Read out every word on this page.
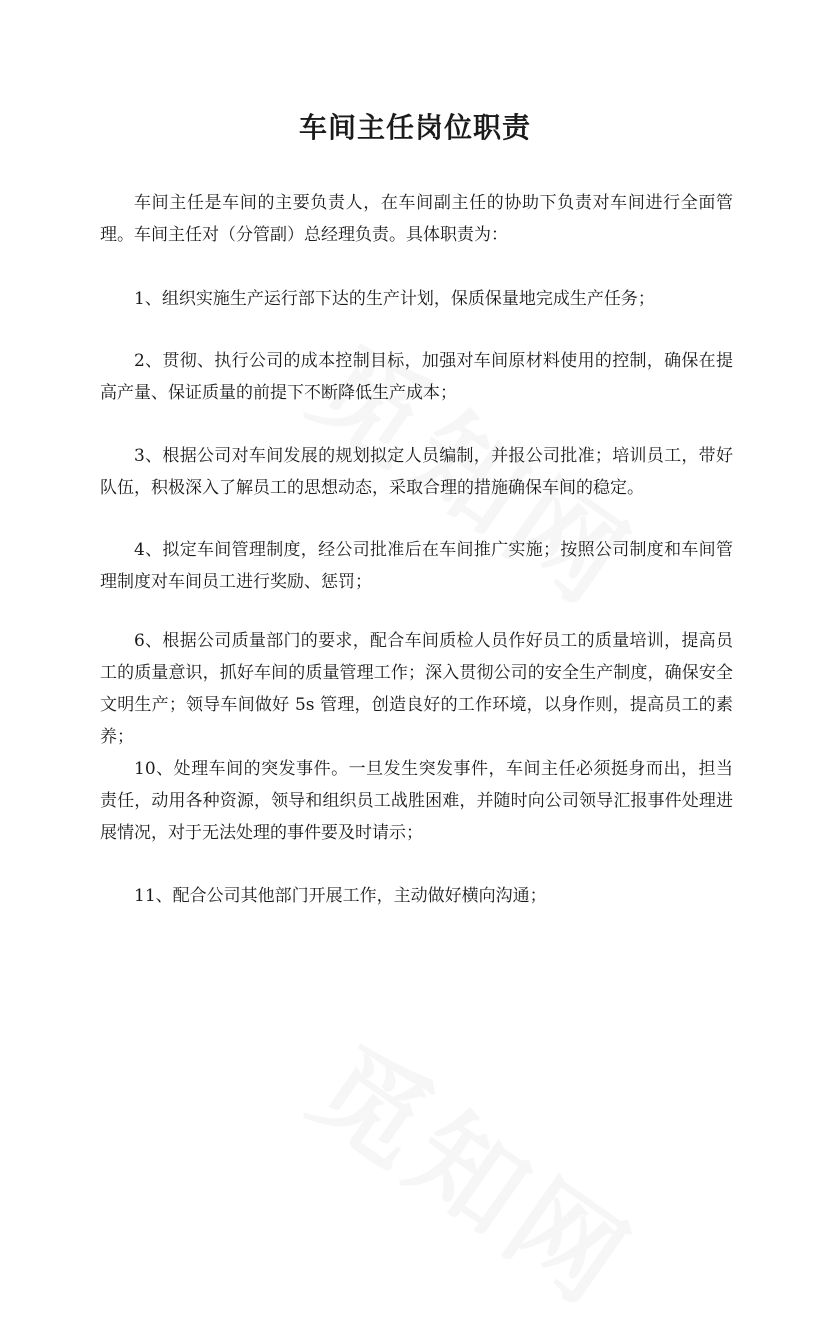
车间主任岗位职责

车间主任是车间的主要负责人，在车间副主任的协助下负责对车间进行全面管理。车间主任对（分管副）总经理负责。具体职责为：

1、组织实施生产运行部下达的生产计划，保质保量地完成生产任务；

2、贯彻、执行公司的成本控制目标，加强对车间原材料使用的控制，确保在提高产量、保证质量的前提下不断降低生产成本；

3、根据公司对车间发展的规划拟定人员编制，并报公司批准；培训员工，带好队伍，积极深入了解员工的思想动态，采取合理的措施确保车间的稳定。

4、拟定车间管理制度，经公司批准后在车间推广实施；按照公司制度和车间管理制度对车间员工进行奖励、惩罚；

6、根据公司质量部门的要求，配合车间质检人员作好员工的质量培训，提高员工的质量意识，抓好车间的质量管理工作；深入贯彻公司的安全生产制度，确保安全文明生产；领导车间做好 5s 管理，创造良好的工作环境，以身作则，提高员工的素养；

10、处理车间的突发事件。一旦发生突发事件，车间主任必须挺身而出，担当责任，动用各种资源，领导和组织员工战胜困难，并随时向公司领导汇报事件处理进展情况，对于无法处理的事件要及时请示；

11、配合公司其他部门开展工作，主动做好横向沟通；
